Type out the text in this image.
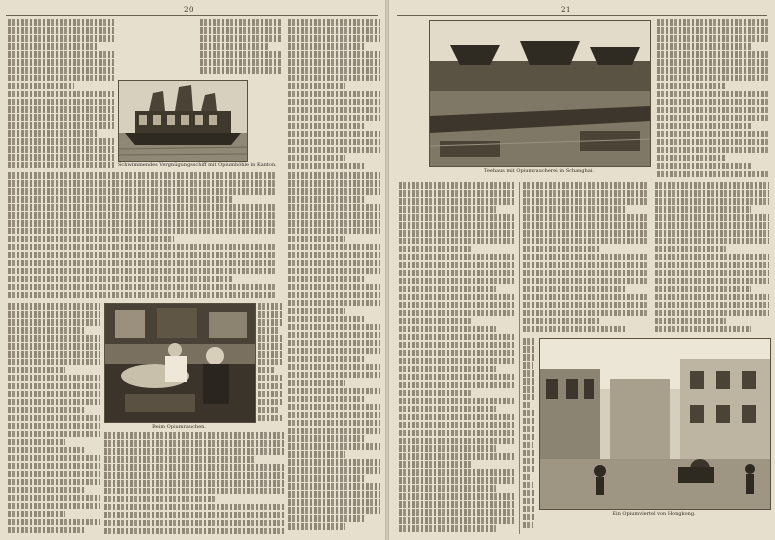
20
Schwimmendes Vergnügungsschiff mit Opiumhöhle in Kanton.
Beim Opiumrauchen.
21
Teehaus mit Opiumraucherei in Schanghai.
Ein Opiumviertel von Hongkong.
